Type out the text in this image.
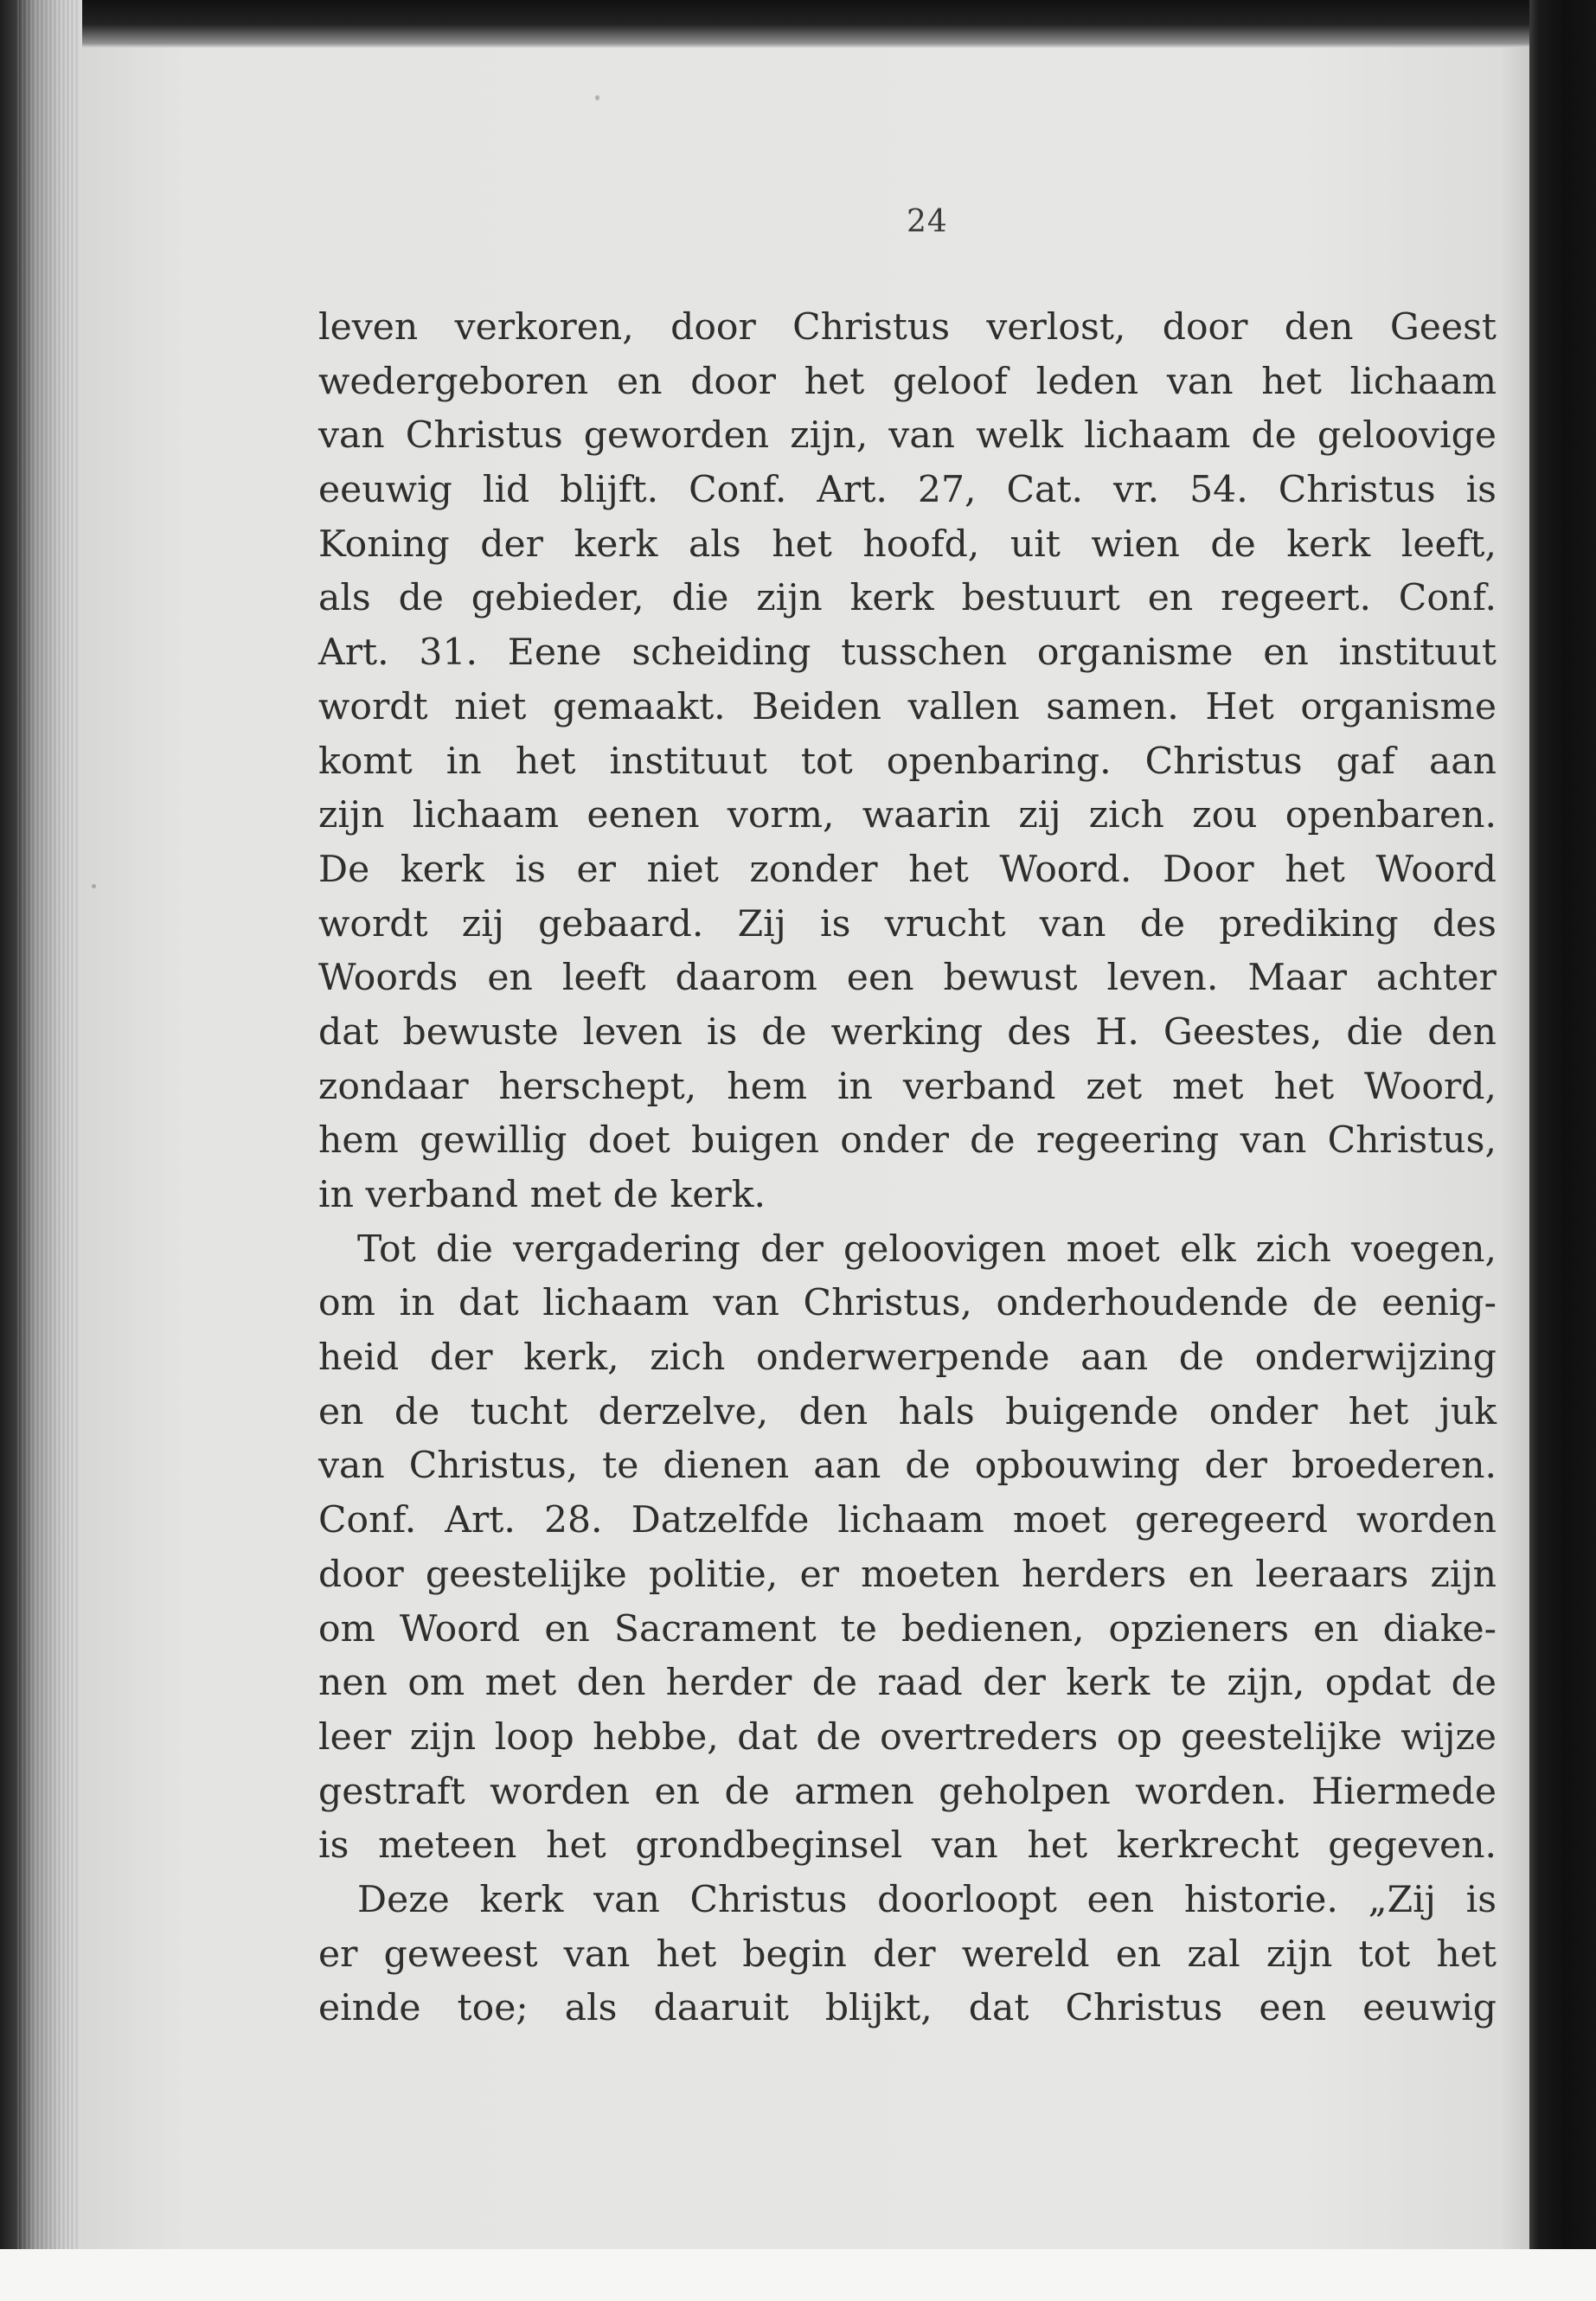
24
leven verkoren, door Christus verlost, door den Geest
wedergeboren en door het geloof leden van het lichaam
van Christus geworden zijn, van welk lichaam de geloovige
eeuwig lid blijft. Conf. Art. 27, Cat. vr. 54. Christus is
Koning der kerk als het hoofd, uit wien de kerk leeft,
als de gebieder, die zijn kerk bestuurt en regeert. Conf.
Art. 31. Eene scheiding tusschen organisme en instituut
wordt niet gemaakt. Beiden vallen samen. Het organisme
komt in het instituut tot openbaring. Christus gaf aan
zijn lichaam eenen vorm, waarin zij zich zou openbaren.
De kerk is er niet zonder het Woord. Door het Woord
wordt zij gebaard. Zij is vrucht van de prediking des
Woords en leeft daarom een bewust leven. Maar achter
dat bewuste leven is de werking des H. Geestes, die den
zondaar herschept, hem in verband zet met het Woord,
hem gewillig doet buigen onder de regeering van Christus,
in verband met de kerk.
Tot die vergadering der geloovigen moet elk zich voegen,
om in dat lichaam van Christus, onderhoudende de eenig-
heid der kerk, zich onderwerpende aan de onderwijzing
en de tucht derzelve, den hals buigende onder het juk
van Christus, te dienen aan de opbouwing der broederen.
Conf. Art. 28. Datzelfde lichaam moet geregeerd worden
door geestelijke politie, er moeten herders en leeraars zijn
om Woord en Sacrament te bedienen, opzieners en diake-
nen om met den herder de raad der kerk te zijn, opdat de
leer zijn loop hebbe, dat de overtreders op geestelijke wijze
gestraft worden en de armen geholpen worden. Hiermede
is meteen het grondbeginsel van het kerkrecht gegeven.
Deze kerk van Christus doorloopt een historie. „Zij is
er geweest van het begin der wereld en zal zijn tot het
einde toe; als daaruit blijkt, dat Christus een eeuwig
